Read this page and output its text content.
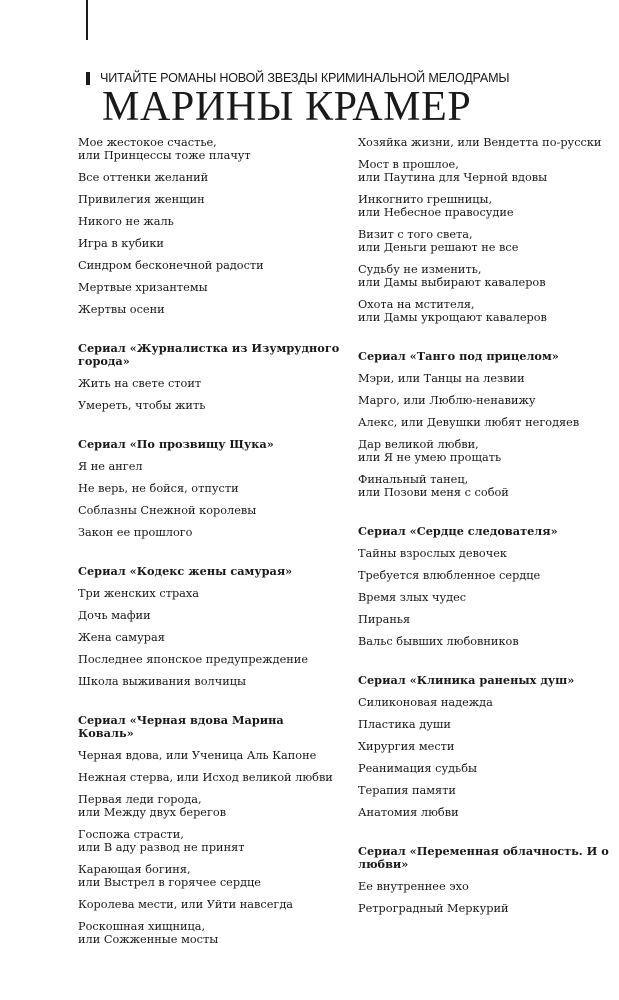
ЧИТАЙТЕ РОМАНЫ НОВОЙ ЗВЕЗДЫ КРИМИНАЛЬНОЙ МЕЛОДРАМЫ
МАРИНЫ КРАМЕР
Мое жестокое счастье,
или Принцессы тоже плачут
Все оттенки желаний
Привилегия женщин
Никого не жаль
Игра в кубики
Синдром бесконечной радости
Мертвые хризантемы
Жертвы осени
Сериал «Журналистка из Изумрудного города»
Жить на свете стоит
Умереть, чтобы жить
Сериал «По прозвищу Щука»
Я не ангел
Не верь, не бойся, отпусти
Соблазны Снежной королевы
Закон ее прошлого
Сериал «Кодекс жены самурая»
Три женских страха
Дочь мафии
Жена самурая
Последнее японское предупреждение
Школа выживания волчицы
Сериал «Черная вдова Марина Коваль»
Черная вдова, или Ученица Аль Капоне
Нежная стерва, или Исход великой любви
Первая леди города,
или Между двух берегов
Госпожа страсти,
или В аду развод не принят
Карающая богиня,
или Выстрел в горячее сердце
Королева мести, или Уйти навсегда
Роскошная хищница,
или Сожженные мосты
Хозяйка жизни, или Вендетта по-русски
Мост в прошлое,
или Паутина для Черной вдовы
Инкогнито грешницы,
или Небесное правосудие
Визит с того света,
или Деньги решают не все
Судьбу не изменить,
или Дамы выбирают кавалеров
Охота на мстителя,
или Дамы укрощают кавалеров
Сериал «Танго под прицелом»
Мэри, или Танцы на лезвии
Марго, или Люблю-ненавижу
Алекс, или Девушки любят негодяев
Дар великой любви,
или Я не умею прощать
Финальный танец,
или Позови меня с собой
Сериал «Сердце следователя»
Тайны взрослых девочек
Требуется влюбленное сердце
Время злых чудес
Пиранья
Вальс бывших любовников
Сериал «Клиника раненых душ»
Силиконовая надежда
Пластика души
Хирургия мести
Реанимация судьбы
Терапия памяти
Анатомия любви
Сериал «Переменная облачность. И о любви»
Ее внутреннее эхо
Ретроградный Меркурий
